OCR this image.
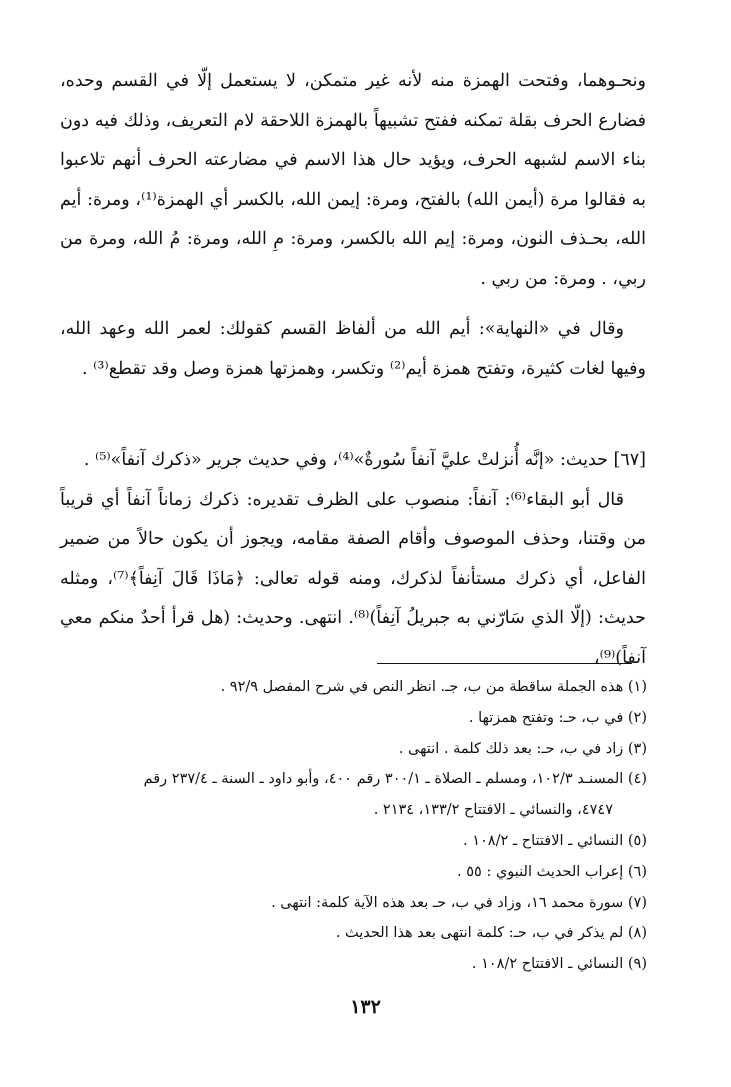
ونحـوهما، وفتحت الهمزة منه لأنه غير متمكن، لا يستعمل إلّا في القسم وحده، فضارع الحرف بقلة تمكنه ففتح تشبيهاً بالهمزة اللاحقة لام التعريف، وذلك فيه دون بناء الاسم لشبهه الحرف، ويؤيد حال هذا الاسم في مضارعته الحرف أنهم تلاعبوا به فقالوا مرة (أيمن الله) بالفتح، ومرة: إيمن الله، بالكسر أي الهمزة⁽¹⁾، ومرة: أيم الله، بحـذف النون، ومرة: إيم الله بالكسر، ومرة: مِ الله، ومرة: مُ الله، ومرة من ربي، . ومرة: من ربي .

وقال في «النهاية»: أيم الله من ألفاظ القسم كقولك: لعمر الله وعهد الله، وفيها لغات كثيرة، وتفتح همزة أيم⁽²⁾ وتكسر، وهمزتها همزة وصل وقد تقطع⁽³⁾ .

[٦٧] حديث: «إنَّه أُنزلتْ عليَّ آنفاً سُورةٌ»⁽⁴⁾، وفي حديث جرير «ذكرك آنفاً»⁽⁵⁾ .

قال أبو البقاء⁽⁶⁾: آنفاً: منصوب على الظرف تقديره: ذكرك زماناً آنفاً أي قريباً من وقتنا، وحذف الموصوف وأقام الصفة مقامه، ويجوز أن يكون حالاً من ضمير الفاعل، أي ذكرك مستأنفاً لذكرك، ومنه قوله تعالى: ﴿مَاذَا قَالَ آنِفاً﴾⁽⁷⁾، ومثله حديث: (إلّا الذي سَارّني به جبريلُ آنِفاً)⁽⁸⁾. انتهى. وحديث: (هل قرأ أحدٌ منكم معي آنفاً)⁽⁹⁾،

(١) هذه الجملة ساقطة من ب، جـ. انظر النص في شرح المفصل ٩٢/٩ .
(٢) في ب، حـ: وتفتح همزتها .
(٣) زاد في ب، حـ: بعد ذلك كلمة . انتهى .
(٤) المسنـد ١٠٢/٣، ومسلم ـ الصلاة ـ ٣٠٠/١ رقم ٤٠٠، وأبو داود ـ السنة ـ ٢٣٧/٤ رقم
٤٧٤٧، والنسائي ـ الافتتاح ١٣٣/٢، ٢١٣٤ .
(٥) النسائي ـ الافتتاح ـ ١٠٨/٢ .
(٦) إعراب الحديث النبوي : ٥٥ .
(٧) سورة محمد ١٦، وزاد في ب، حـ بعد هذه الآية كلمة: انتهى .
(٨) لم يذكر في ب، حـ: كلمة انتهى بعد هذا الحديث .
(٩) النسائي ـ الافتتاح ١٠٨/٢ .
١٣٢
